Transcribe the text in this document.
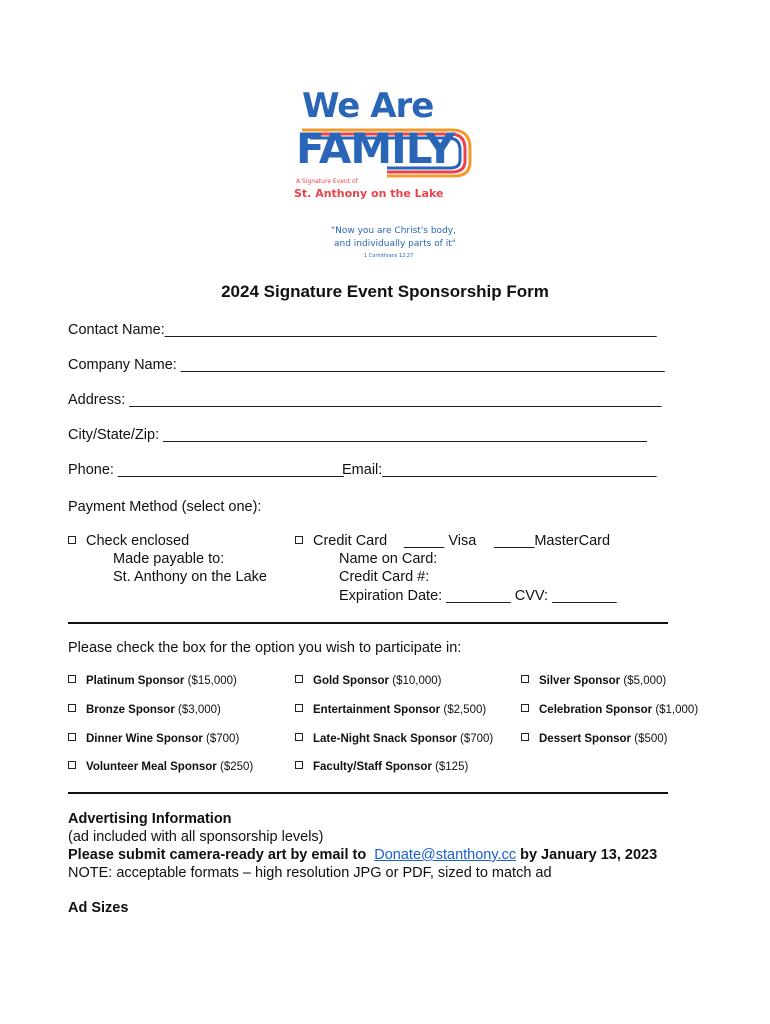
We Are
FAMILY
A Signature Event of
St. Anthony on the Lake
"Now you are Christ's body,
and individually parts of it"
1 Corinthians 12:27
2024 Signature Event Sponsorship Form
Contact Name:_____________________________________________________________
Company Name: ____________________________________________________________
Address: __________________________________________________________________
City/State/Zip: ____________________________________________________________
Phone: ____________________________
Email:__________________________________
Payment Method (select one):
Check enclosed
Made payable to:
St. Anthony on the Lake
Credit Card _____ Visa _____MasterCard
Name on Card:
Credit Card #:
Expiration Date: ________ CVV: ________
Please check the box for the option you wish to participate in:
Platinum Sponsor ($15,000)	Gold Sponsor ($10,000)	Silver Sponsor ($5,000)
Bronze Sponsor ($3,000)	Entertainment Sponsor ($2,500)	Celebration Sponsor ($1,000)
Dinner Wine Sponsor ($700)	Late-Night Snack Sponsor ($700)	Dessert Sponsor ($500)
Volunteer Meal Sponsor ($250)	Faculty/Staff Sponsor ($125)
Advertising Information
(ad included with all sponsorship levels)
Please submit camera-ready art by email to Donate@stanthony.cc by January 13, 2023
NOTE: acceptable formats – high resolution JPG or PDF, sized to match ad
Ad Sizes
